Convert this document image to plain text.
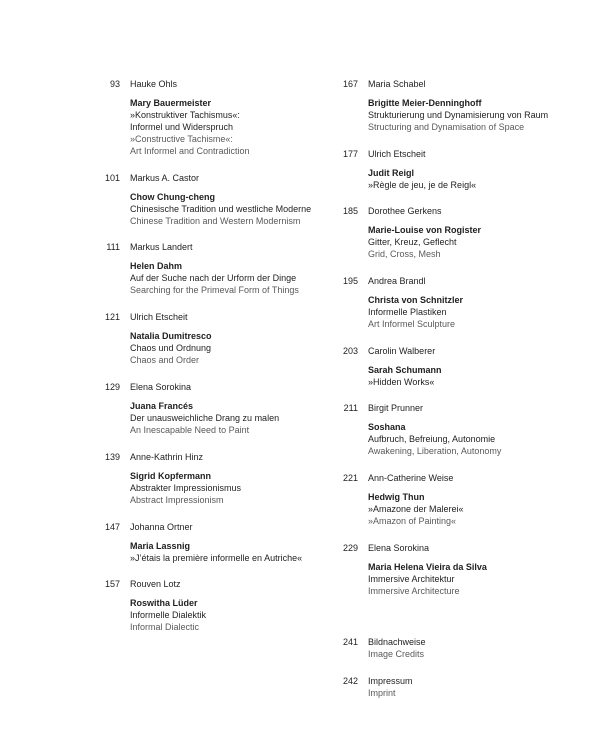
93 Hauke Ohls
Mary Bauermeister
»Konstruktiver Tachismus«:
Informel und Widerspruch
»Constructive Tachisme«:
Art Informel and Contradiction
101 Markus A. Castor
Chow Chung-cheng
Chinesische Tradition und westliche Moderne
Chinese Tradition and Western Modernism
111 Markus Landert
Helen Dahm
Auf der Suche nach der Urform der Dinge
Searching for the Primeval Form of Things
121 Ulrich Etscheit
Natalia Dumitresco
Chaos und Ordnung
Chaos and Order
129 Elena Sorokina
Juana Francés
Der unausweichliche Drang zu malen
An Inescapable Need to Paint
139 Anne-Kathrin Hinz
Sigrid Kopfermann
Abstrakter Impressionismus
Abstract Impressionism
147 Johanna Ortner
Maria Lassnig
»J’étais la première informelle en Autriche«
157 Rouven Lotz
Roswitha Lüder
Informelle Dialektik
Informal Dialectic
167 Maria Schabel
Brigitte Meier-Denninghoff
Strukturierung und Dynamisierung von Raum
Structuring and Dynamisation of Space
177 Ulrich Etscheit
Judit Reigl
»Règle de jeu, je de Reigl«
185 Dorothee Gerkens
Marie-Louise von Rogister
Gitter, Kreuz, Geflecht
Grid, Cross, Mesh
195 Andrea Brandl
Christa von Schnitzler
Informelle Plastiken
Art Informel Sculpture
203 Carolin Walberer
Sarah Schumann
»Hidden Works«
211 Birgit Prunner
Soshana
Aufbruch, Befreiung, Autonomie
Awakening, Liberation, Autonomy
221 Ann-Catherine Weise
Hedwig Thun
»Amazone der Malerei«
»Amazon of Painting«
229 Elena Sorokina
Maria Helena Vieira da Silva
Immersive Architektur
Immersive Architecture
241 Bildnachweise
Image Credits
242 Impressum
Imprint
